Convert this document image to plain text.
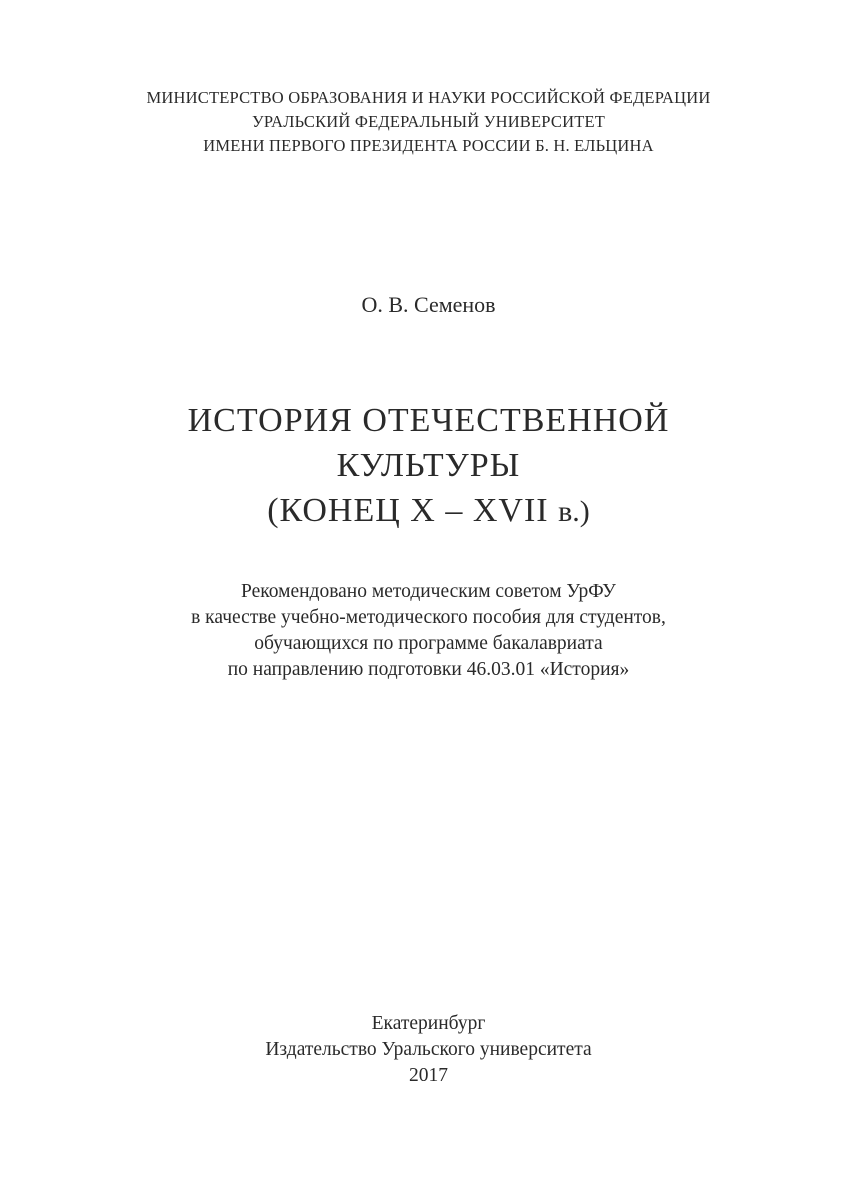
МИНИСТЕРСТВО ОБРАЗОВАНИЯ И НАУКИ РОССИЙСКОЙ ФЕДЕРАЦИИ
УРАЛЬСКИЙ ФЕДЕРАЛЬНЫЙ УНИВЕРСИТЕТ
ИМЕНИ ПЕРВОГО ПРЕЗИДЕНТА РОССИИ Б. Н. ЕЛЬЦИНА
О. В. Семенов
ИСТОРИЯ ОТЕЧЕСТВЕННОЙ
КУЛЬТУРЫ
(КОНЕЦ X – XVII в.)
Рекомендовано методическим советом УрФУ
в качестве учебно-методического пособия для студентов,
обучающихся по программе бакалавриата
по направлению подготовки 46.03.01 «История»
Екатеринбург
Издательство Уральского университета
2017
